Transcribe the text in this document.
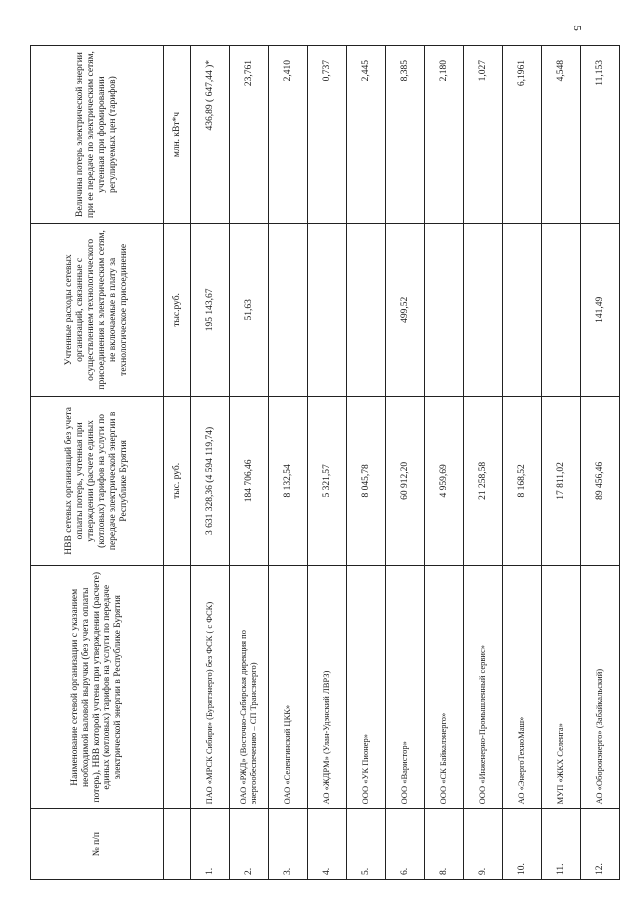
5
№ п/п	Наименование сетевой организации с указанием необходимой валовой выручки (без учета оплаты потерь), НВВ которой учтена при утверждении (расчете) единых (котловых) тарифов на услуги по передаче электрической энергии в Республике Бурятия	НВВ сетевых организаций без учета оплаты потерь, учтенная при утверждении (расчете единых (котловых) тарифов на услуги по передаче электрической энергии в Республике Бурятия	Учтенные расходы сетевых организаций, связанные с осуществлением технологического присоединения к электрическим сетям, не включаемые в плату за технологическое присоединение	Величина потерь электрической энергии при ее передаче по электрическим сетям, учтенная при формировании регулируемых цен (тарифов)
		тыс. руб.	тыс.руб.	млн. кВт*ч
1.	ПАО «МРСК Сибири» (Бурятэнерго) без ФСК ( с ФСК)	3 631 328,36 (4 594 119,74)	195 143,67	436,89 ( 647,44 )*
2.	ОАО «РЖД» (Восточно-Сибирская дирекция по энергообеспечению – СП Трансэнерго)	184 706,46	51,63	23,761
3.	ОАО «Селенгинский ЦКК»	8 132,54		2,410
4.	АО «ЖДРМ» (Улан-Удэнский ЛВРЗ)	5 321,57		0,737
5.	ООО «УК Пионер»	8 045,78		2,445
6.	ООО «Варистор»	60 912,20	499,52	8,385
8.	ООО «СК Байкалэнерго»	4 959,69		2,180
9.	ООО «Инженерно-Промышленный сервис»	21 258,58		1,027
10.	АО «ЭнергоТехноМаш»	8 168,52		6,1961
11.	МУП «ЖКХ Селенга»	17 811,02		4,548
12.	АО «Оборонэнерго» (Забайкальский)	89 456,46	141,49	11,153
